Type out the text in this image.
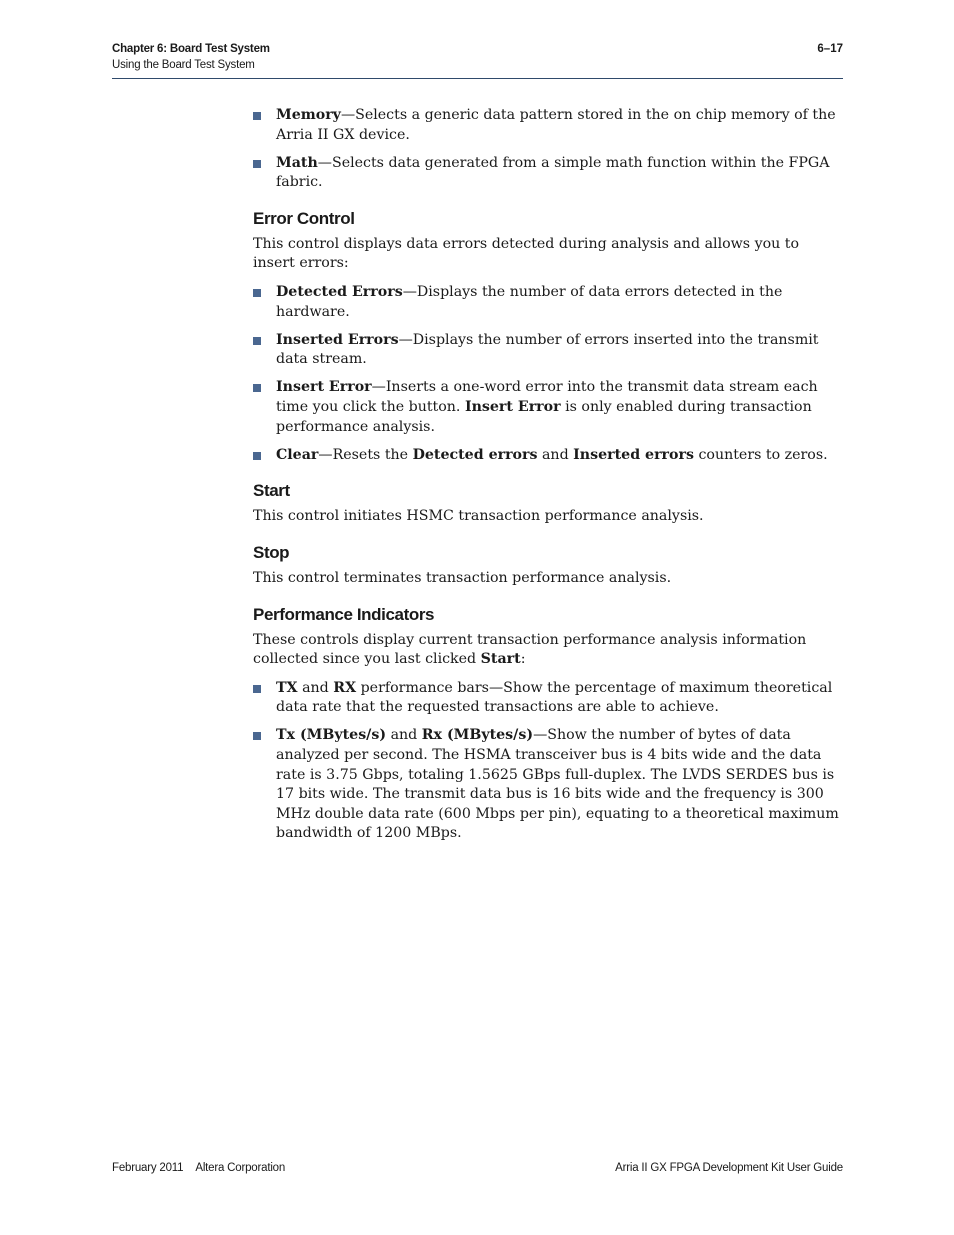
Chapter 6: Board Test System
Using the Board Test System
6–17
Memory—Selects a generic data pattern stored in the on chip memory of the Arria II GX device.
Math—Selects data generated from a simple math function within the FPGA fabric.
Error Control

This control displays data errors detected during analysis and allows you to insert errors:

Detected Errors—Displays the number of data errors detected in the hardware.
Inserted Errors—Displays the number of errors inserted into the transmit data stream.
Insert Error—Inserts a one-word error into the transmit data stream each time you click the button. Insert Error is only enabled during transaction performance analysis.
Clear—Resets the Detected errors and Inserted errors counters to zeros.
Start

This control initiates HSMC transaction performance analysis.

Stop

This control terminates transaction performance analysis.

Performance Indicators

These controls display current transaction performance analysis information collected since you last clicked Start:

TX and RX performance bars—Show the percentage of maximum theoretical data rate that the requested transactions are able to achieve.
Tx (MBytes/s) and Rx (MBytes/s)—Show the number of bytes of data analyzed per second. The HSMA transceiver bus is 4 bits wide and the data rate is 3.75 Gbps, totaling 1.5625 GBps full-duplex. The LVDS SERDES bus is 17 bits wide. The transmit data bus is 16 bits wide and the frequency is 300 MHz double data rate (600 Mbps per pin), equating to a theoretical maximum bandwidth of 1200 MBps.
February 2011 Altera Corporation	Arria II GX FPGA Development Kit User Guide
